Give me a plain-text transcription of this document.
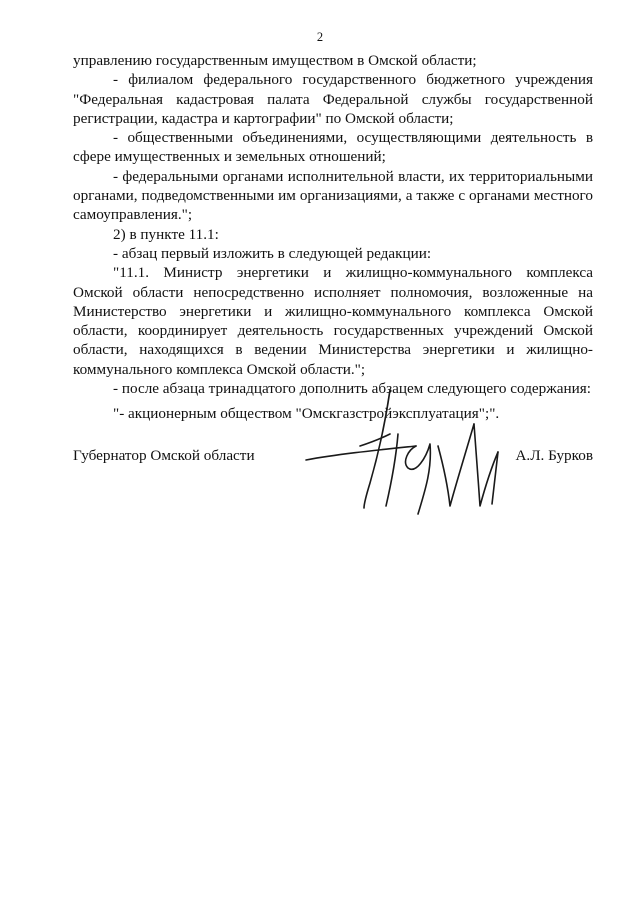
2
управлению государственным имуществом в Омской области;
- филиалом федерального государственного бюджетного учреждения "Федеральная кадастровая палата Федеральной службы государственной регистрации, кадастра и картографии" по Омской области;
- общественными объединениями, осуществляющими деятельность в сфере имущественных и земельных отношений;
- федеральными органами исполнительной власти, их территориальными органами, подведомственными им организациями, а также с органами местного самоуправления.";
2) в пункте 11.1:
- абзац первый изложить в следующей редакции:
"11.1. Министр энергетики и жилищно-коммунального комплекса Омской области непосредственно исполняет полномочия, возложенные на Министерство энергетики и жилищно-коммунального комплекса Омской области, координирует деятельность государственных учреждений Омской области, находящихся в ведении Министерства энергетики и жилищно-коммунального комплекса Омской области.";
- после абзаца тринадцатого дополнить абзацем следующего содержания:
"- акционерным обществом "Омскгазстройэксплуатация";".
Губернатор Омской области	А.Л. Бурков
